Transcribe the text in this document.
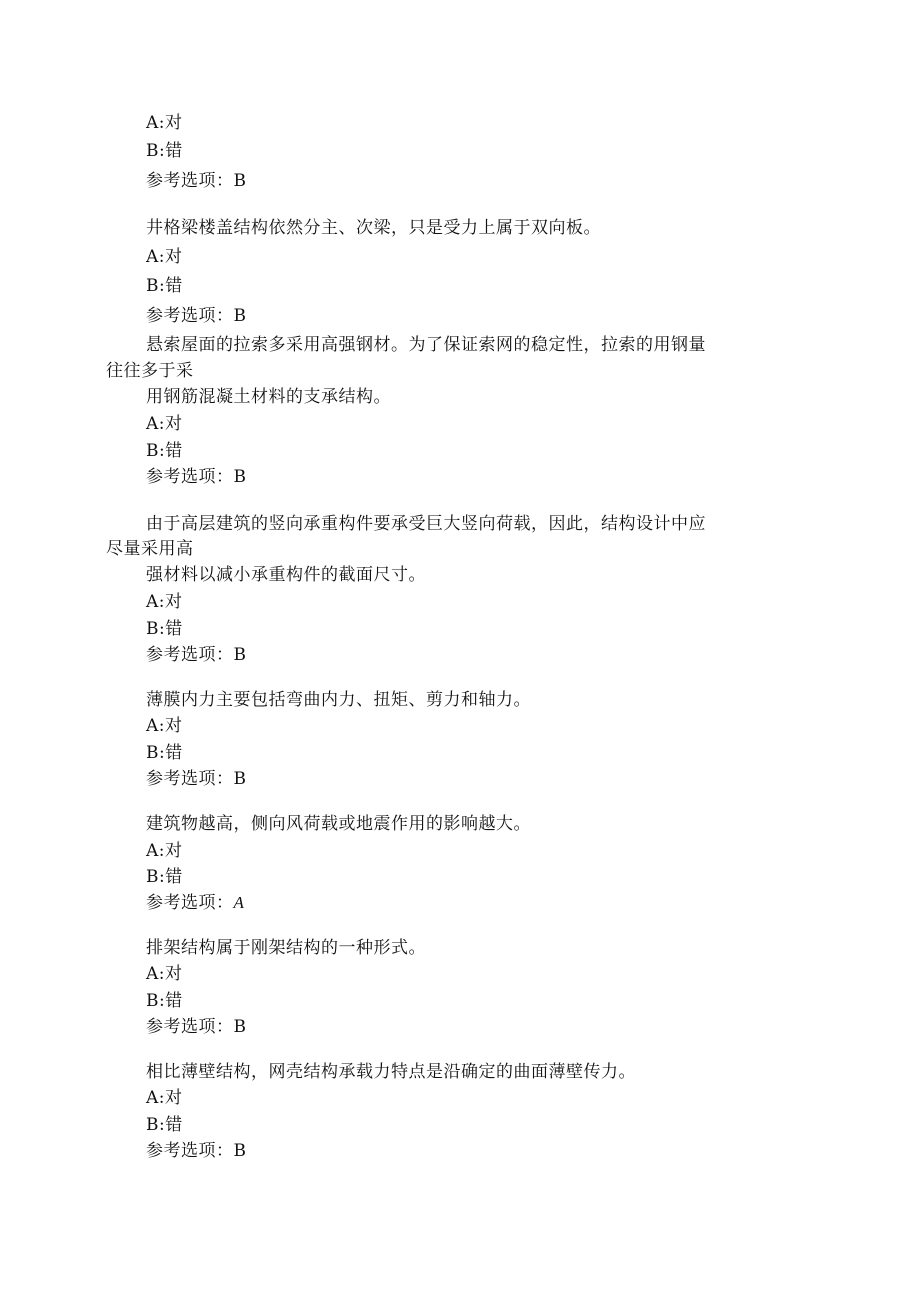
A:对
B:错
参考选项：B
井格梁楼盖结构依然分主、次梁，只是受力上属于双向板。
A:对
B:错
参考选项：B
悬索屋面的拉索多采用高强钢材。为了保证索网的稳定性，拉索的用钢量
往往多于采
用钢筋混凝土材料的支承结构。
A:对
B:错
参考选项：B
由于高层建筑的竖向承重构件要承受巨大竖向荷载，因此，结构设计中应
尽量采用高
强材料以减小承重构件的截面尺寸。
A:对
B:错
参考选项：B
薄膜内力主要包括弯曲内力、扭矩、剪力和轴力。
A:对
B:错
参考选项：B
建筑物越高，侧向风荷载或地震作用的影响越大。
A:对
B:错
参考选项：A
排架结构属于刚架结构的一种形式。
A:对
B:错
参考选项：B
相比薄壁结构，网壳结构承载力特点是沿确定的曲面薄壁传力。
A:对
B:错
参考选项：B
